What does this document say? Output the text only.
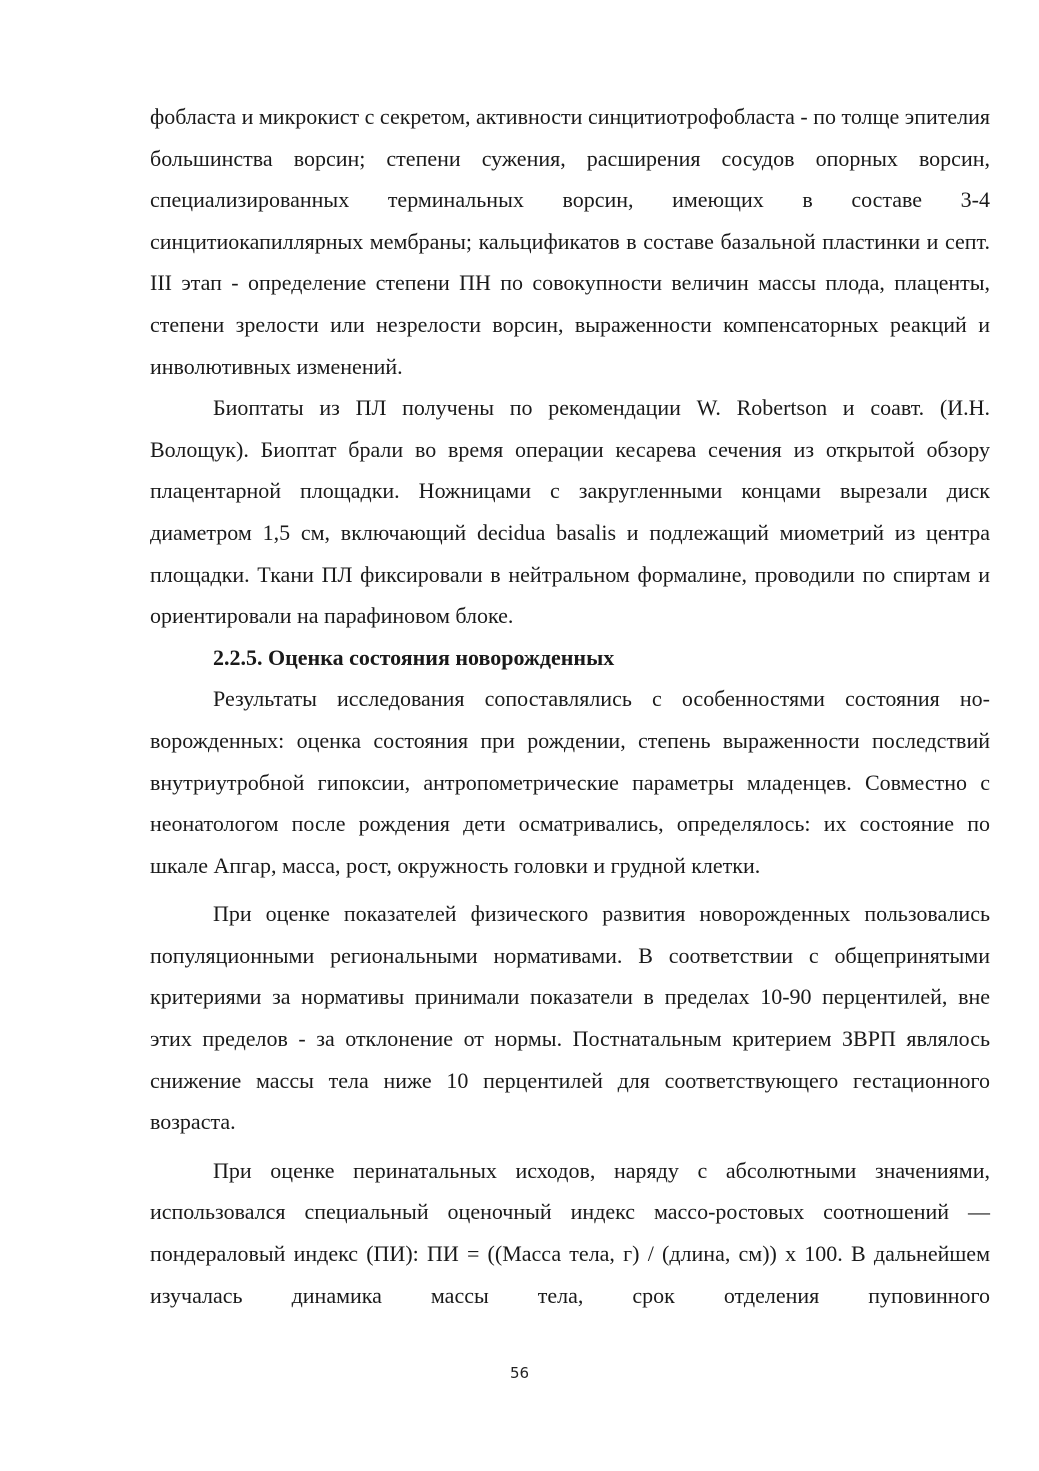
фобласта и микрокист с секретом, активности синцитиотрофобласта - по толще эпителия большинства ворсин; степени сужения, расширения сосудов опорных ворсин, специализированных терминальных ворсин, имеющих в составе 3-4 синцитиокапиллярных мембраны; кальцификатов в составе базальной пластинки и септ. III этап - определение степени ПН по совокупности величин массы плода, плаценты, степени зрелости или незрелости ворсин, выраженности компенсаторных реакций и инволютивных изменений.

Биоптаты из ПЛ получены по рекомендации W. Robertson и соавт. (И.Н. Волощук). Биоптат брали во время операции кесарева сечения из открытой обзору плацентарной площадки. Ножницами с закругленными концами вырезали диск диаметром 1,5 см, включающий decidua basalis и подлежащий миометрий из центра площадки. Ткани ПЛ фиксировали в нейтральном формалине, проводили по спиртам и ориентировали на парафиновом блоке.

2.2.5. Оценка состояния новорожденных

Результаты исследования сопоставлялись с особенностями состояния новорожденных: оценка состояния при рождении, степень выраженности последствий внутриутробной гипоксии, антропометрические параметры младенцев. Совместно с неонатологом после рождения дети осматривались, определялось: их состояние по шкале Апгар, масса, рост, окружность головки и грудной клетки.

При оценке показателей физического развития новорожденных пользовались популяционными региональными нормативами. В соответствии с общепринятыми критериями за нормативы принимали показатели в пределах 10-90 перцентилей, вне этих пределов - за отклонение от нормы. Постнатальным критерием ЗВРП являлось снижение массы тела ниже 10 перцентилей для соответствующего гестационного возраста.

При оценке перинатальных исходов, наряду с абсолютными значениями, использовался специальный оценочный индекс массо-ростовых соотношений — пондераловый индекс (ПИ): ПИ = ((Масса тела, г) / (длина, см)) х 100. В дальнейшем изучалась динамика массы тела, срок отделения пуповинного

56
